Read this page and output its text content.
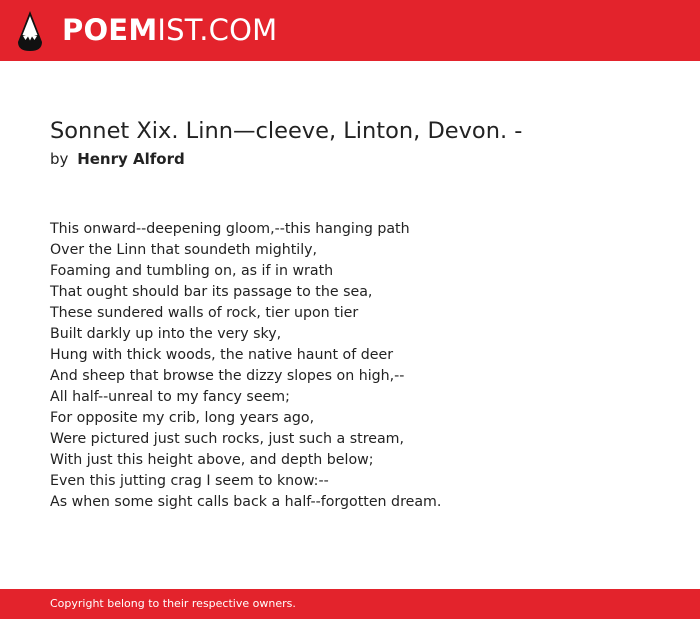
POEMIST.COM
Sonnet Xix. Linn—cleeve, Linton, Devon. -
by Henry Alford
This onward--deepening gloom,--this hanging path
Over the Linn that soundeth mightily,
Foaming and tumbling on, as if in wrath
That ought should bar its passage to the sea,
These sundered walls of rock, tier upon tier
Built darkly up into the very sky,
Hung with thick woods, the native haunt of deer
And sheep that browse the dizzy slopes on high,--
All half--unreal to my fancy seem;
For opposite my crib, long years ago,
Were pictured just such rocks, just such a stream,
With just this height above, and depth below;
Even this jutting crag I seem to know:--
As when some sight calls back a half--forgotten dream.
Copyright belong to their respective owners.
